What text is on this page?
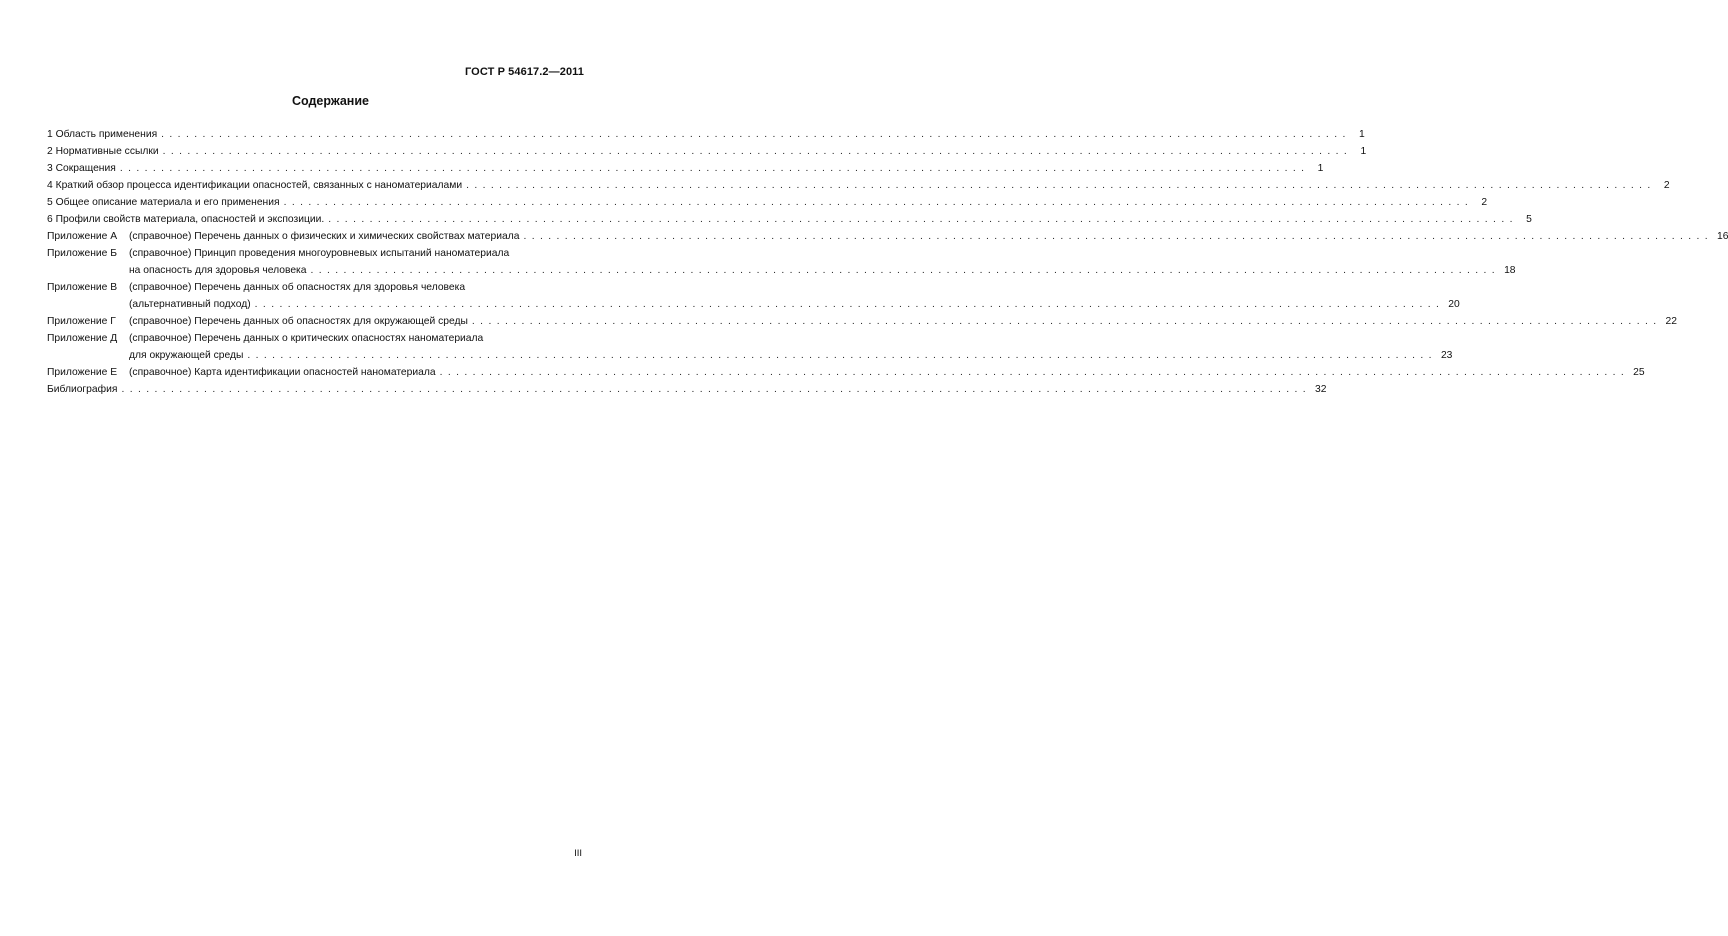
ГОСТ Р 54617.2—2011
Содержание
1 Область применения ................................................................................................................................................ 1
2 Нормативные ссылки ................................................................................................................................................ 1
3 Сокращения ................................................................................................................................................ 1
4 Краткий обзор процесса идентификации опасностей, связанных с наноматериалами ................................................................................................................................................ 2
5 Общее описание материала и его применения ................................................................................................................................................ 2
6 Профили свойств материала, опасностей и экспозиции. ................................................................................................................................................ 5
Приложение А	(справочное) Перечень данных о физических и химических свойствах материала ................................................................................................................................................ 16
Приложение Б	(справочное) Принцип проведения многоуровневых испытаний наноматериала
на опасность для здоровья человека ................................................................................................................................................ 18
Приложение В	(справочное) Перечень данных об опасностях для здоровья человека
(альтернативный подход) ................................................................................................................................................ 20
Приложение Г	(справочное) Перечень данных об опасностях для окружающей среды ................................................................................................................................................ 22
Приложение Д	(справочное) Перечень данных о критических опасностях наноматериала
для окружающей среды ................................................................................................................................................ 23
Приложение Е	(справочное) Карта идентификации опасностей наноматериала ................................................................................................................................................ 25
Библиография ................................................................................................................................................ 32
III
